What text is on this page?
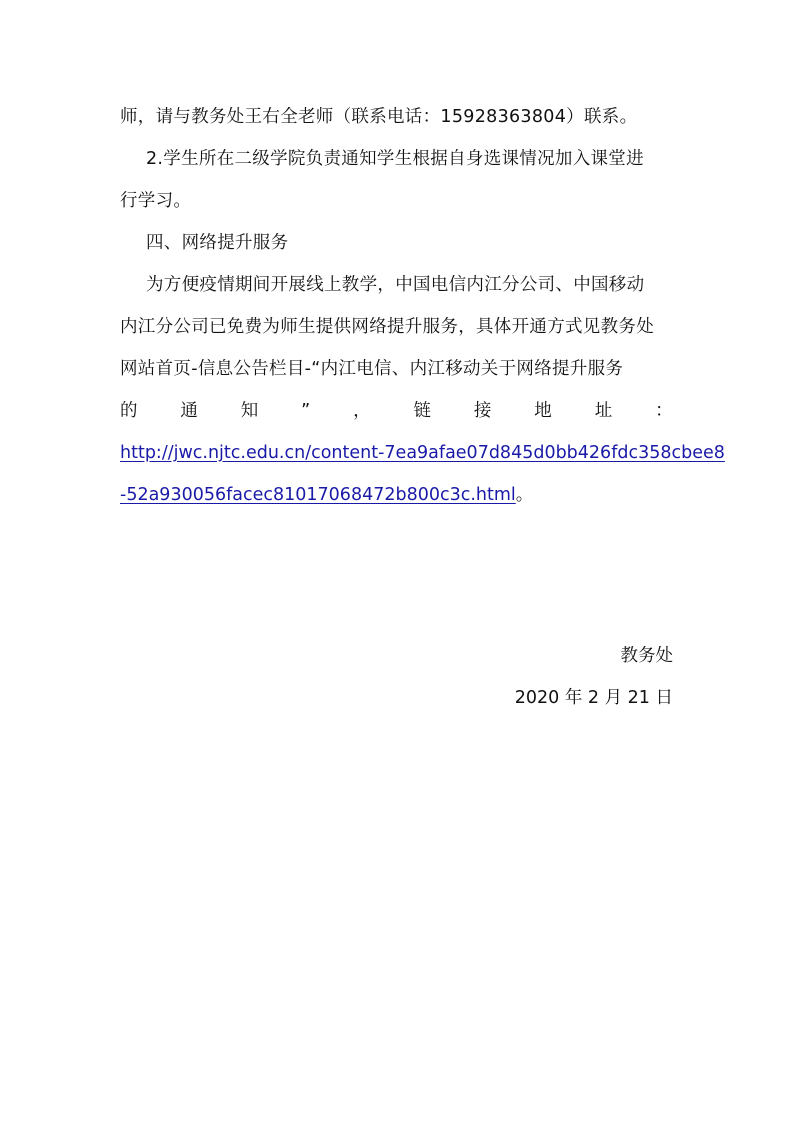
师，请与教务处王右全老师（联系电话：15928363804）联系。
2.学生所在二级学院负责通知学生根据自身选课情况加入课堂进
行学习。
四、网络提升服务
为方便疫情期间开展线上教学，中国电信内江分公司、中国移动
内江分公司已免费为师生提供网络提升服务，具体开通方式见教务处
网站首页-信息公告栏目-“内江电信、内江移动关于网络提升服务
的 通 知 ” ， 链 接 地 址 ：
http://jwc.njtc.edu.cn/content-7ea9afae07d845d0bb426fdc358cbee8
-52a930056facec81017068472b800c3c.html。
教务处
2020 年 2 月 21 日
